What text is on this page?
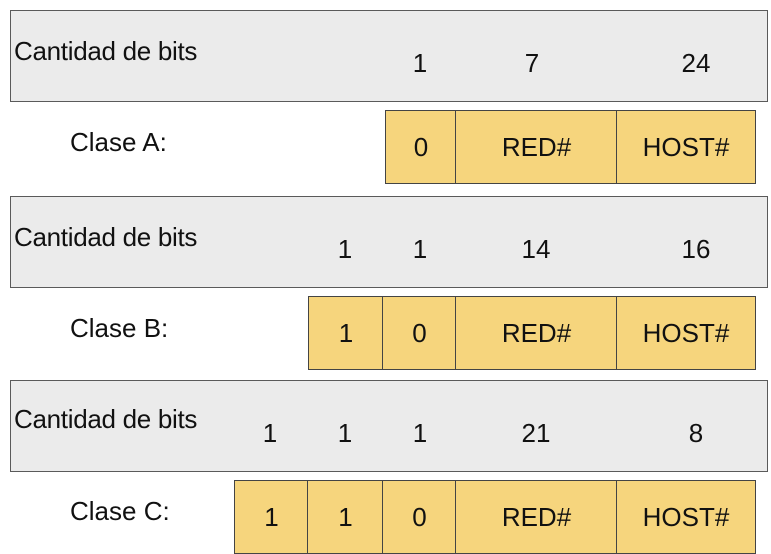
Cantidad de bits	1	7	24
Clase A:	0	RED#	HOST#
Cantidad de bits	1	1	14	16
Clase B:	1	0	RED#	HOST#
Cantidad de bits	1	1	1	21	8
Clase C:	1	1	0	RED#	HOST#
